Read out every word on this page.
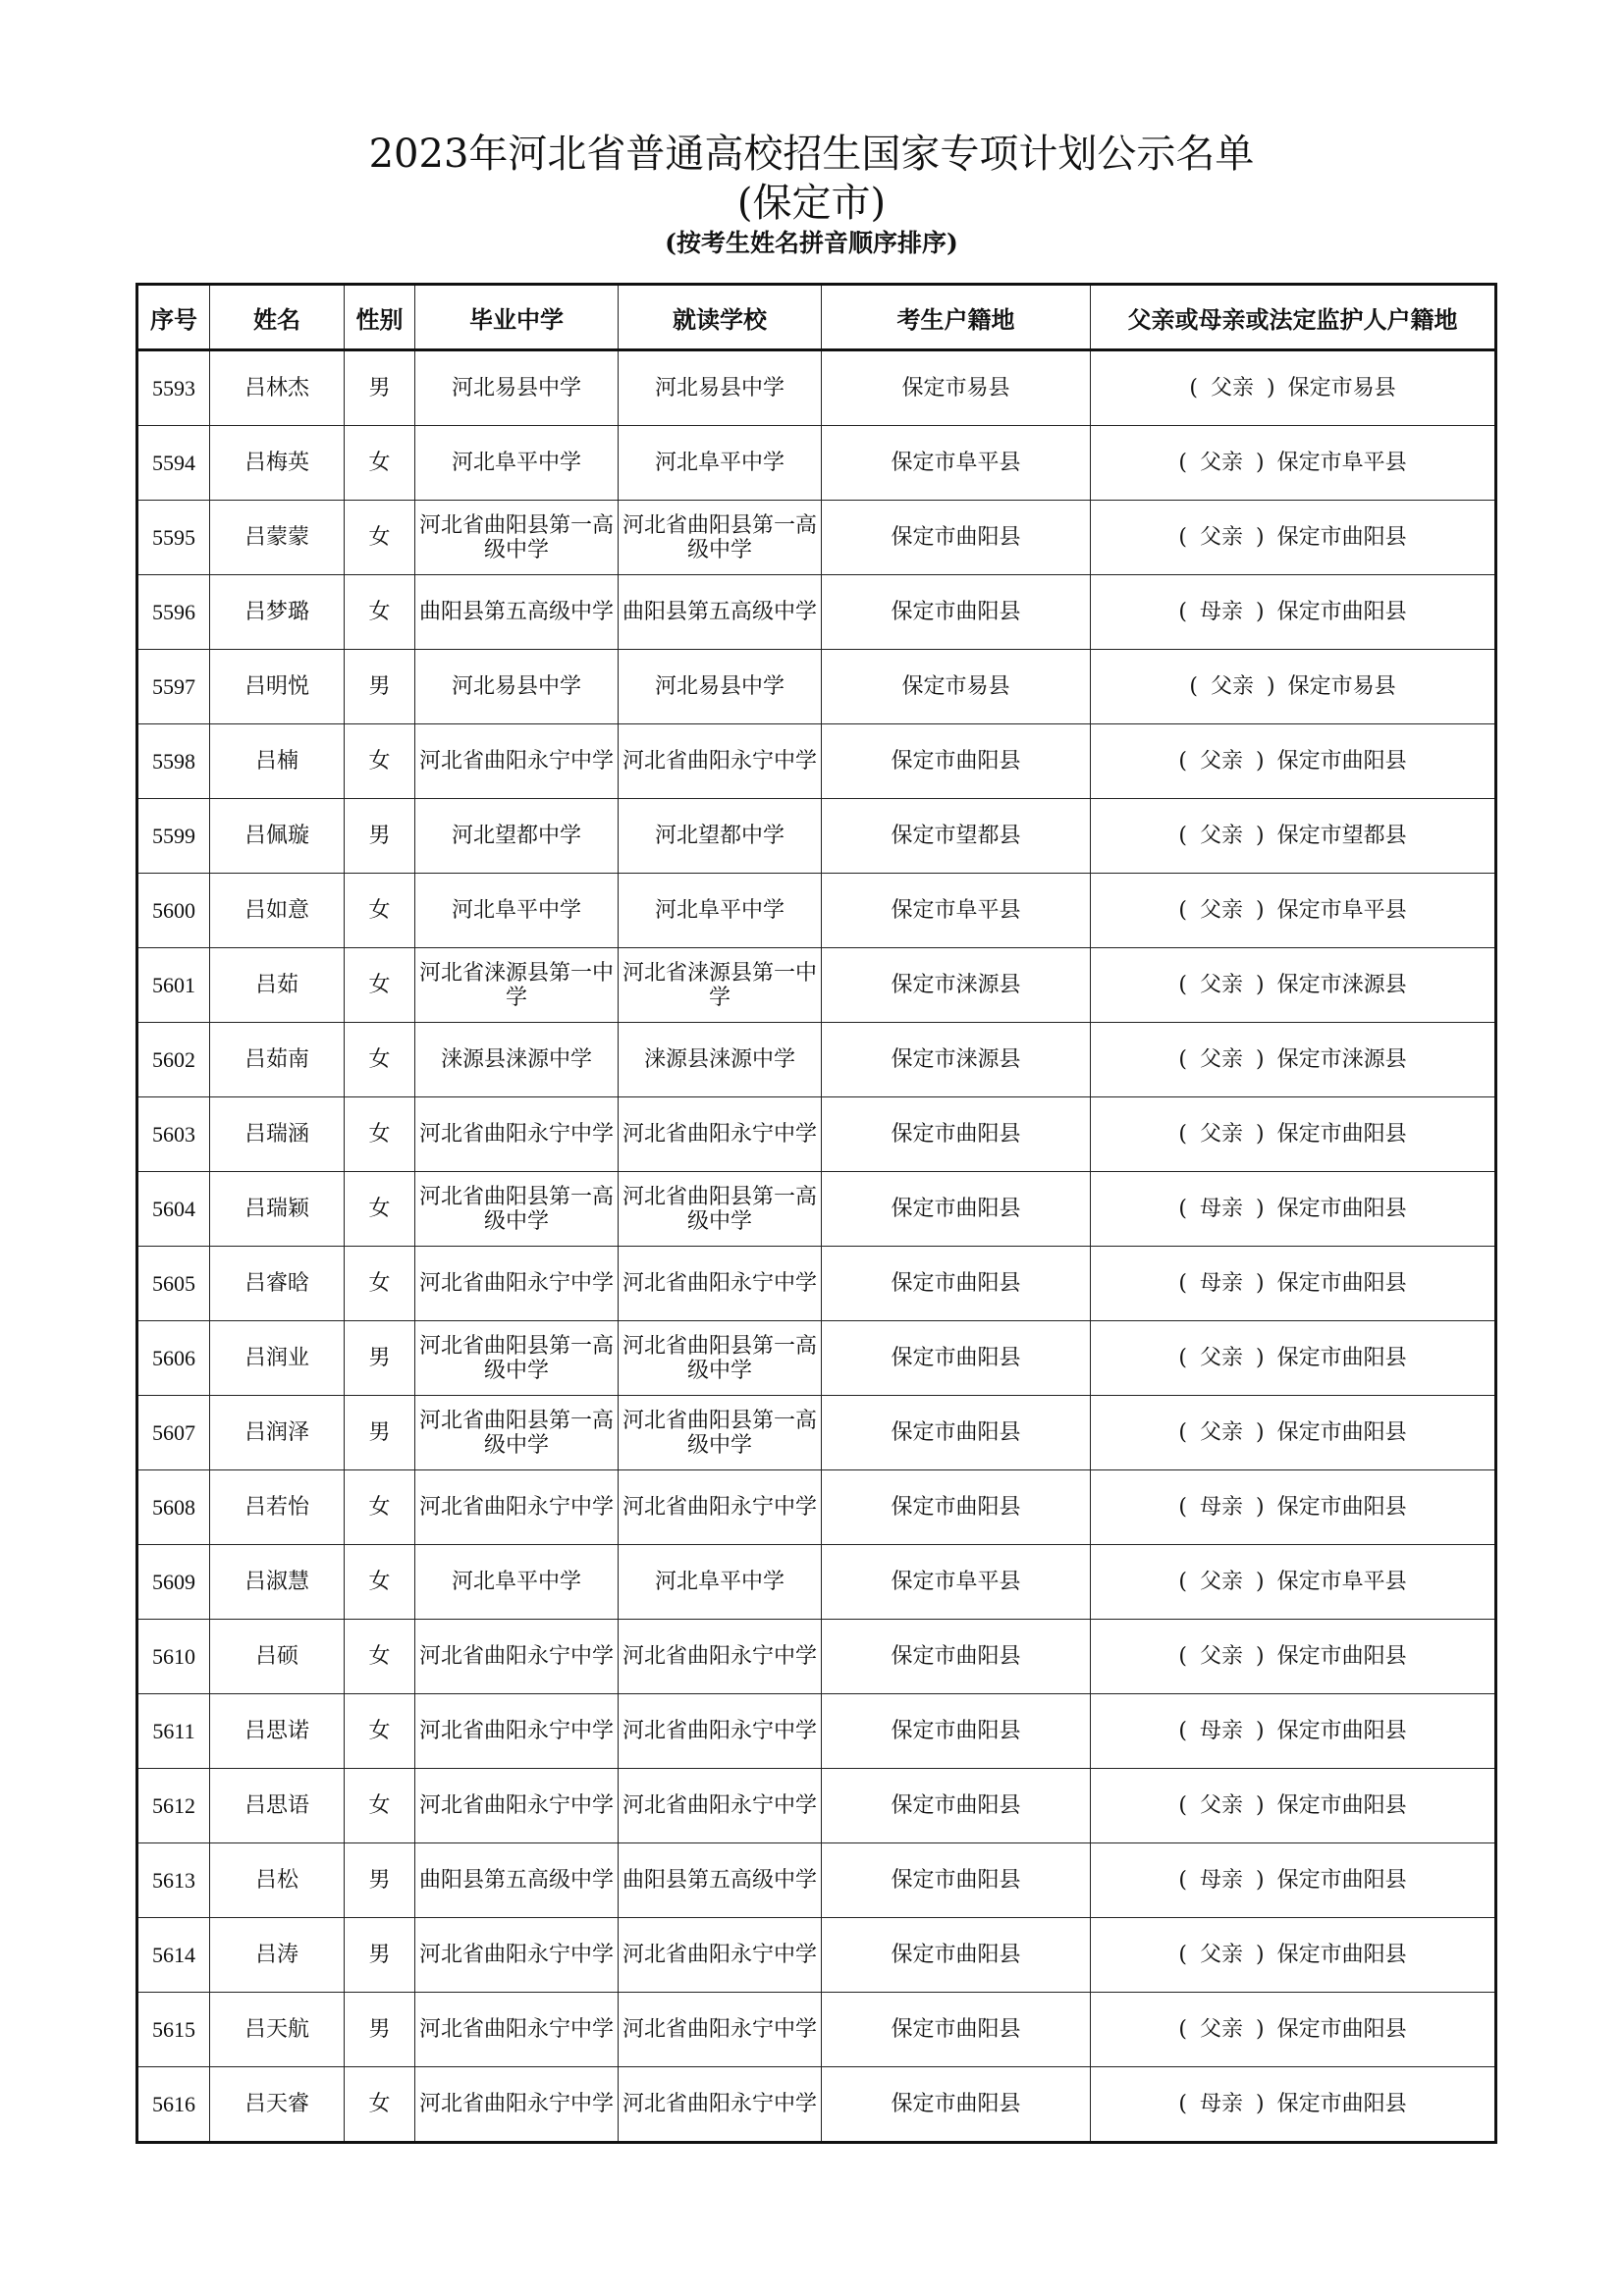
2023年河北省普通高校招生国家专项计划公示名单
(保定市)
(按考生姓名拼音顺序排序)
序号	姓名	性别	毕业中学	就读学校	考生户籍地	父亲或母亲或法定监护人户籍地
5593	吕林杰	男	河北易县中学	河北易县中学	保定市易县	( 父亲 ) 保定市易县
5594	吕梅英	女	河北阜平中学	河北阜平中学	保定市阜平县	( 父亲 ) 保定市阜平县
5595	吕蒙蒙	女	河北省曲阳县第一高级中学	河北省曲阳县第一高级中学	保定市曲阳县	( 父亲 ) 保定市曲阳县
5596	吕梦璐	女	曲阳县第五高级中学	曲阳县第五高级中学	保定市曲阳县	( 母亲 ) 保定市曲阳县
5597	吕明悦	男	河北易县中学	河北易县中学	保定市易县	( 父亲 ) 保定市易县
5598	吕楠	女	河北省曲阳永宁中学	河北省曲阳永宁中学	保定市曲阳县	( 父亲 ) 保定市曲阳县
5599	吕佩璇	男	河北望都中学	河北望都中学	保定市望都县	( 父亲 ) 保定市望都县
5600	吕如意	女	河北阜平中学	河北阜平中学	保定市阜平县	( 父亲 ) 保定市阜平县
5601	吕茹	女	河北省涞源县第一中学	河北省涞源县第一中学	保定市涞源县	( 父亲 ) 保定市涞源县
5602	吕茹南	女	涞源县涞源中学	涞源县涞源中学	保定市涞源县	( 父亲 ) 保定市涞源县
5603	吕瑞涵	女	河北省曲阳永宁中学	河北省曲阳永宁中学	保定市曲阳县	( 父亲 ) 保定市曲阳县
5604	吕瑞颖	女	河北省曲阳县第一高级中学	河北省曲阳县第一高级中学	保定市曲阳县	( 母亲 ) 保定市曲阳县
5605	吕睿晗	女	河北省曲阳永宁中学	河北省曲阳永宁中学	保定市曲阳县	( 母亲 ) 保定市曲阳县
5606	吕润业	男	河北省曲阳县第一高级中学	河北省曲阳县第一高级中学	保定市曲阳县	( 父亲 ) 保定市曲阳县
5607	吕润泽	男	河北省曲阳县第一高级中学	河北省曲阳县第一高级中学	保定市曲阳县	( 父亲 ) 保定市曲阳县
5608	吕若怡	女	河北省曲阳永宁中学	河北省曲阳永宁中学	保定市曲阳县	( 母亲 ) 保定市曲阳县
5609	吕淑慧	女	河北阜平中学	河北阜平中学	保定市阜平县	( 父亲 ) 保定市阜平县
5610	吕硕	女	河北省曲阳永宁中学	河北省曲阳永宁中学	保定市曲阳县	( 父亲 ) 保定市曲阳县
5611	吕思诺	女	河北省曲阳永宁中学	河北省曲阳永宁中学	保定市曲阳县	( 母亲 ) 保定市曲阳县
5612	吕思语	女	河北省曲阳永宁中学	河北省曲阳永宁中学	保定市曲阳县	( 父亲 ) 保定市曲阳县
5613	吕松	男	曲阳县第五高级中学	曲阳县第五高级中学	保定市曲阳县	( 母亲 ) 保定市曲阳县
5614	吕涛	男	河北省曲阳永宁中学	河北省曲阳永宁中学	保定市曲阳县	( 父亲 ) 保定市曲阳县
5615	吕天航	男	河北省曲阳永宁中学	河北省曲阳永宁中学	保定市曲阳县	( 父亲 ) 保定市曲阳县
5616	吕天睿	女	河北省曲阳永宁中学	河北省曲阳永宁中学	保定市曲阳县	( 母亲 ) 保定市曲阳县
